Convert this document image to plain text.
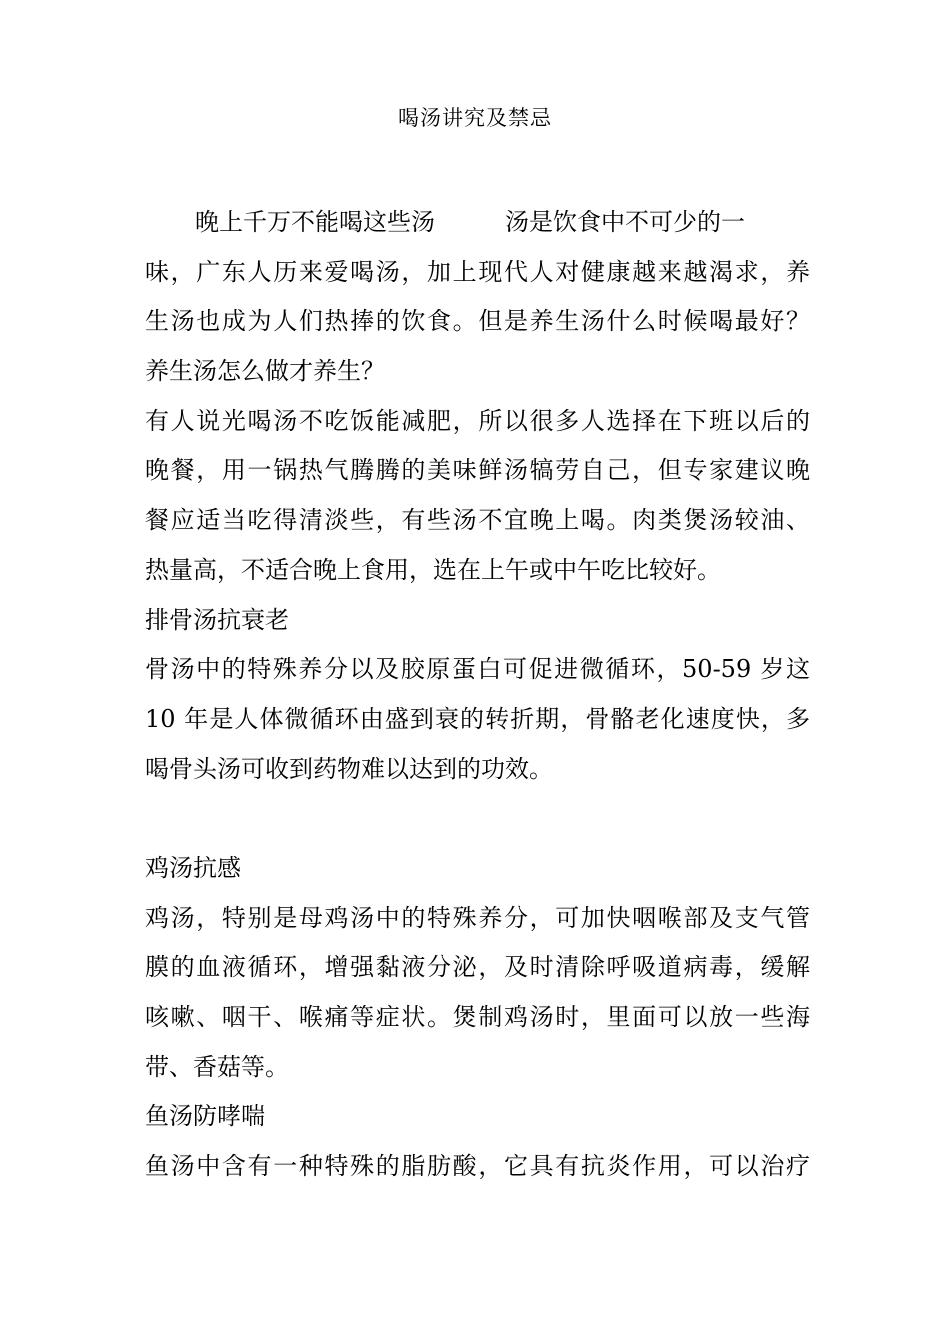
喝汤讲究及禁忌
晚上千万不能喝这些汤	汤是饮食中不可少的一
味，广东人历来爱喝汤，加上现代人对健康越来越渴求，养
生汤也成为人们热捧的饮食。但是养生汤什么时候喝最好？
养生汤怎么做才养生？
有人说光喝汤不吃饭能减肥，所以很多人选择在下班以后的
晚餐，用一锅热气腾腾的美味鲜汤犒劳自己，但专家建议晚
餐应适当吃得清淡些，有些汤不宜晚上喝。肉类煲汤较油、
热量高，不适合晚上食用，选在上午或中午吃比较好。
排骨汤抗衰老
骨汤中的特殊养分以及胶原蛋白可促进微循环，50-59 岁这
10 年是人体微循环由盛到衰的转折期，骨骼老化速度快，多
喝骨头汤可收到药物难以达到的功效。
鸡汤抗感
鸡汤，特别是母鸡汤中的特殊养分，可加快咽喉部及支气管
膜的血液循环，增强黏液分泌，及时清除呼吸道病毒，缓解
咳嗽、咽干、喉痛等症状。煲制鸡汤时，里面可以放一些海
带、香菇等。
鱼汤防哮喘
鱼汤中含有一种特殊的脂肪酸，它具有抗炎作用，可以治疗
